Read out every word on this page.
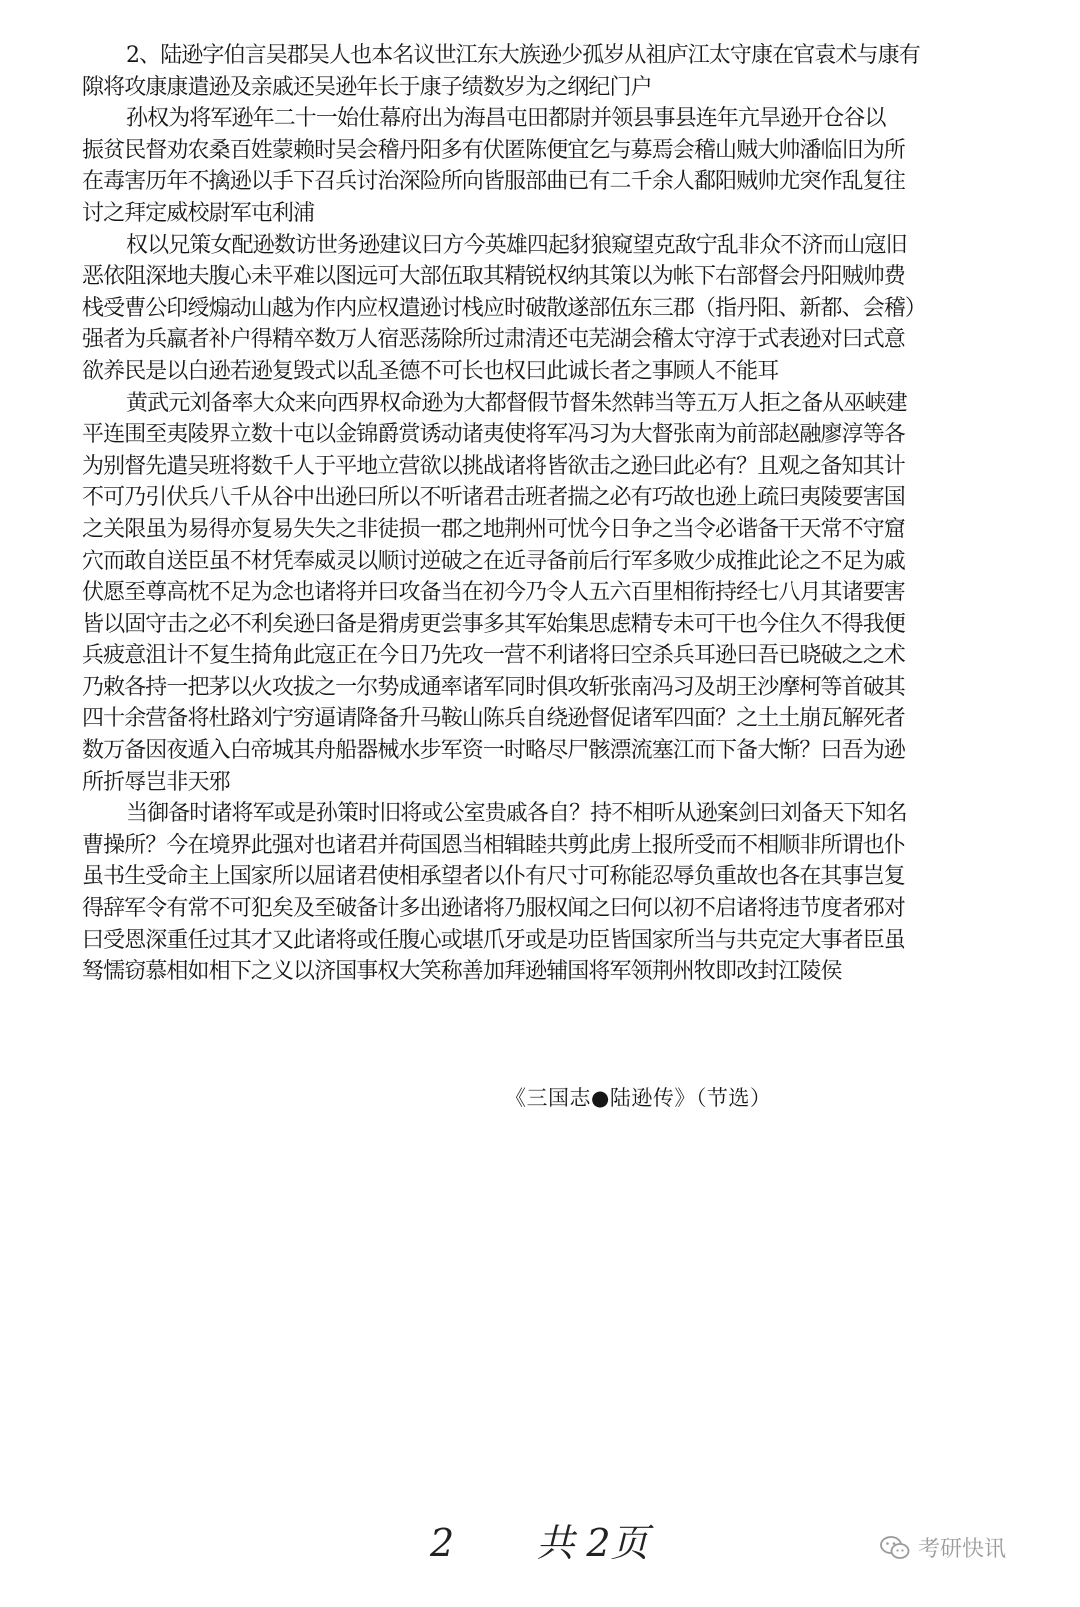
2、陆逊字伯言吴郡吴人也本名议世江东大族逊少孤岁从祖庐江太守康在官袁术与康有
隙将攻康康遣逊及亲戚还吴逊年长于康子绩数岁为之纲纪门户
孙权为将军逊年二十一始仕幕府出为海昌屯田都尉并领县事县连年亢旱逊开仓谷以
振贫民督劝农桑百姓蒙赖时吴会稽丹阳多有伏匿陈便宜乞与募焉会稽山贼大帅潘临旧为所
在毒害历年不擒逊以手下召兵讨治深险所向皆服部曲已有二千余人鄱阳贼帅尤突作乱复往
讨之拜定威校尉军屯利浦
权以兄策女配逊数访世务逊建议曰方今英雄四起豺狼窥望克敌宁乱非众不济而山寇旧
恶依阻深地夫腹心未平难以图远可大部伍取其精锐权纳其策以为帐下右部督会丹阳贼帅费
栈受曹公印绶煽动山越为作内应权遣逊讨栈应时破散遂部伍东三郡（指丹阳、新都、会稽）
强者为兵羸者补户得精卒数万人宿恶荡除所过肃清还屯芜湖会稽太守淳于式表逊对曰式意
欲养民是以白逊若逊复毁式以乱圣德不可长也权曰此诚长者之事顾人不能耳
黄武元刘备率大众来向西界权命逊为大都督假节督朱然韩当等五万人拒之备从巫峡建
平连围至夷陵界立数十屯以金锦爵赏诱动诸夷使将军冯习为大督张南为前部赵融廖淳等各
为别督先遣吴班将数千人于平地立营欲以挑战诸将皆欲击之逊曰此必有？且观之备知其计
不可乃引伏兵八千从谷中出逊曰所以不听诸君击班者揣之必有巧故也逊上疏曰夷陵要害国
之关限虽为易得亦复易失失之非徒损一郡之地荆州可忧今日争之当令必谐备干天常不守窟
穴而敢自送臣虽不材凭奉威灵以顺讨逆破之在近寻备前后行军多败少成推此论之不足为戚
伏愿至尊高枕不足为念也诸将并曰攻备当在初今乃令人五六百里相衔持经七八月其诸要害
皆以固守击之必不利矣逊曰备是猾虏更尝事多其军始集思虑精专未可干也今住久不得我便
兵疲意沮计不复生掎角此寇正在今日乃先攻一营不利诸将曰空杀兵耳逊曰吾已晓破之之术
乃敕各持一把茅以火攻拔之一尔势成通率诸军同时俱攻斩张南冯习及胡王沙摩柯等首破其
四十余营备将杜路刘宁穷逼请降备升马鞍山陈兵自绕逊督促诸军四面？之土土崩瓦解死者
数万备因夜遁入白帝城其舟船器械水步军资一时略尽尸骸漂流塞江而下备大惭？曰吾为逊
所折辱岂非天邪
当御备时诸将军或是孙策时旧将或公室贵戚各自？持不相听从逊案剑曰刘备天下知名
曹操所？今在境界此强对也诸君并荷国恩当相辑睦共剪此虏上报所受而不相顺非所谓也仆
虽书生受命主上国家所以屈诸君使相承望者以仆有尺寸可称能忍辱负重故也各在其事岂复
得辞军令有常不可犯矣及至破备计多出逊诸将乃服权闻之曰何以初不启诸将违节度者邪对
曰受恩深重任过其才又此诸将或任腹心或堪爪牙或是功臣皆国家所当与共克定大事者臣虽
驽懦窃慕相如相下之义以济国事权大笑称善加拜逊辅国将军领荆州牧即改封江陵侯
《三国志●陆逊传》（节选）
2 共 2页	考研快讯
